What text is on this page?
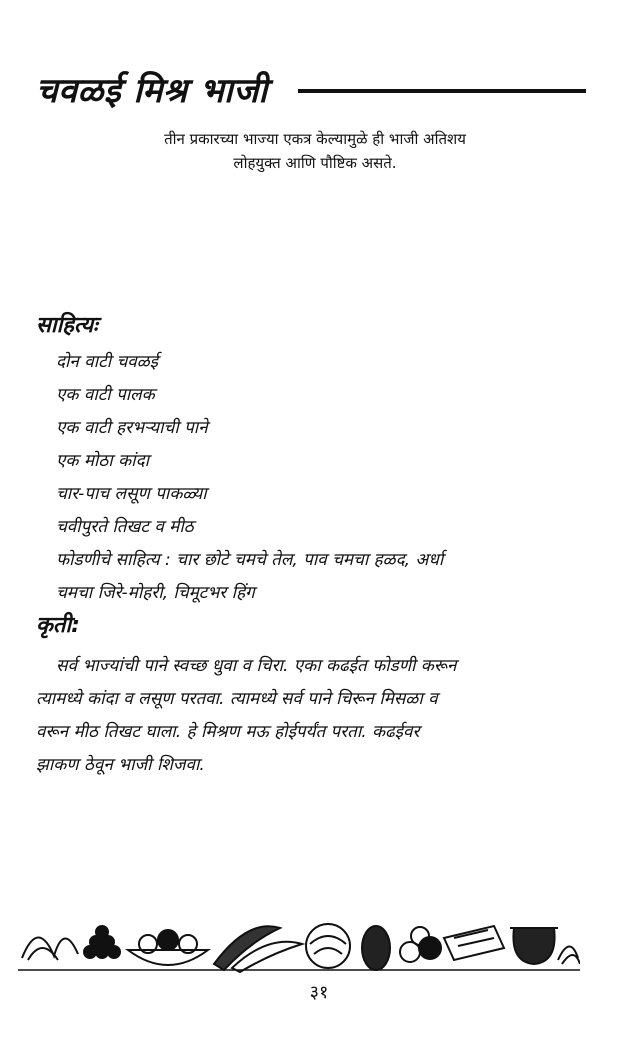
चवळई मिश्र भाजी
तीन प्रकारच्या भाज्या एकत्र केल्यामुळे ही भाजी अतिशय
लोहयुक्त आणि पौष्टिक असते.
साहित्यः
दोन वाटी चवळई
एक वाटी पालक
एक वाटी हरभऱ्याची पाने
एक मोठा कांदा
चार-पाच लसूण पाकळ्या
चवीपुरते तिखट व मीठ
फोडणीचे साहित्य : चार छोटे चमचे तेल, पाव चमचा हळद, अर्धा
चमचा जिरे-मोहरी, चिमूटभर हिंग
कृती:
सर्व भाज्यांची पाने स्वच्छ धुवा व चिरा. एका कढईत फोडणी करून
त्यामध्ये कांदा व लसूण परतवा. त्यामध्ये सर्व पाने चिरून मिसळा व
वरून मीठ तिखट घाला. हे मिश्रण मऊ होईपर्यंत परता. कढईवर
झाकण ठेवून भाजी शिजवा.
३१
